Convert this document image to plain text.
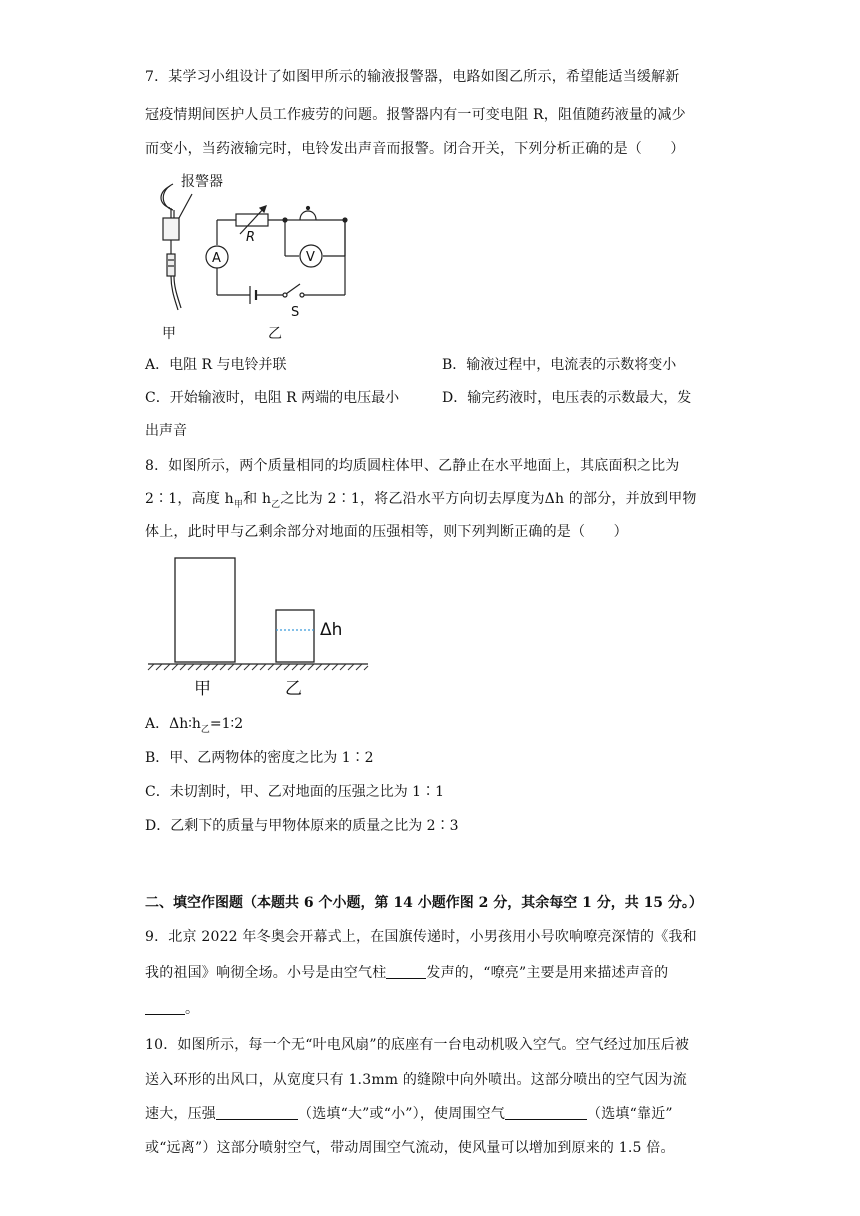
7．某学习小组设计了如图甲所示的输液报警器，电路如图乙所示，希望能适当缓解新
冠疫情期间医护人员工作疲劳的问题。报警器内有一可变电阻 R，阻值随药液量的减少
而变小，当药液输完时，电铃发出声音而报警。闭合开关，下列分析正确的是（　　）
报警器
R
A	V
S
甲	乙
A．电阻 R 与电铃并联	B．输液过程中，电流表的示数将变小
C．开始输液时，电阻 R 两端的电压最小	D．输完药液时，电压表的示数最大，发
出声音
8．如图所示，两个质量相同的均质圆柱体甲、乙静止在水平地面上，其底面积之比为
2∶1，高度 $h_甲$和 $h_乙$之比为 2∶1，将乙沿水平方向切去厚度为Δh 的部分，并放到甲物
体上，此时甲与乙剩余部分对地面的压强相等，则下列判断正确的是（　　）
Δh
甲	乙
A．$\Delta h∶h_乙=1∶2$
B．甲、乙两物体的密度之比为 1∶2
C．未切割时，甲、乙对地面的压强之比为 1∶1
D．乙剩下的质量与甲物体原来的质量之比为 2∶3
二、填空作图题（本题共 6 个小题，第 14 小题作图 2 分，其余每空 1 分，共 15 分。）
9．北京 2022 年冬奥会开幕式上，在国旗传递时，小男孩用小号吹响嘹亮深情的《我和
我的祖国》响彻全场。小号是由空气柱	发声的，“嘹亮”主要是用来描述声音的
。
10．如图所示，每一个无“叶电风扇”的底座有一台电动机吸入空气。空气经过加压后被
送入环形的出风口，从宽度只有 1.3mm 的缝隙中向外喷出。这部分喷出的空气因为流
速大，压强	（选填“大”或“小”），使周围空气	（选填“靠近”
或“远离”）这部分喷射空气，带动周围空气流动，使风量可以增加到原来的 1.5 倍。
